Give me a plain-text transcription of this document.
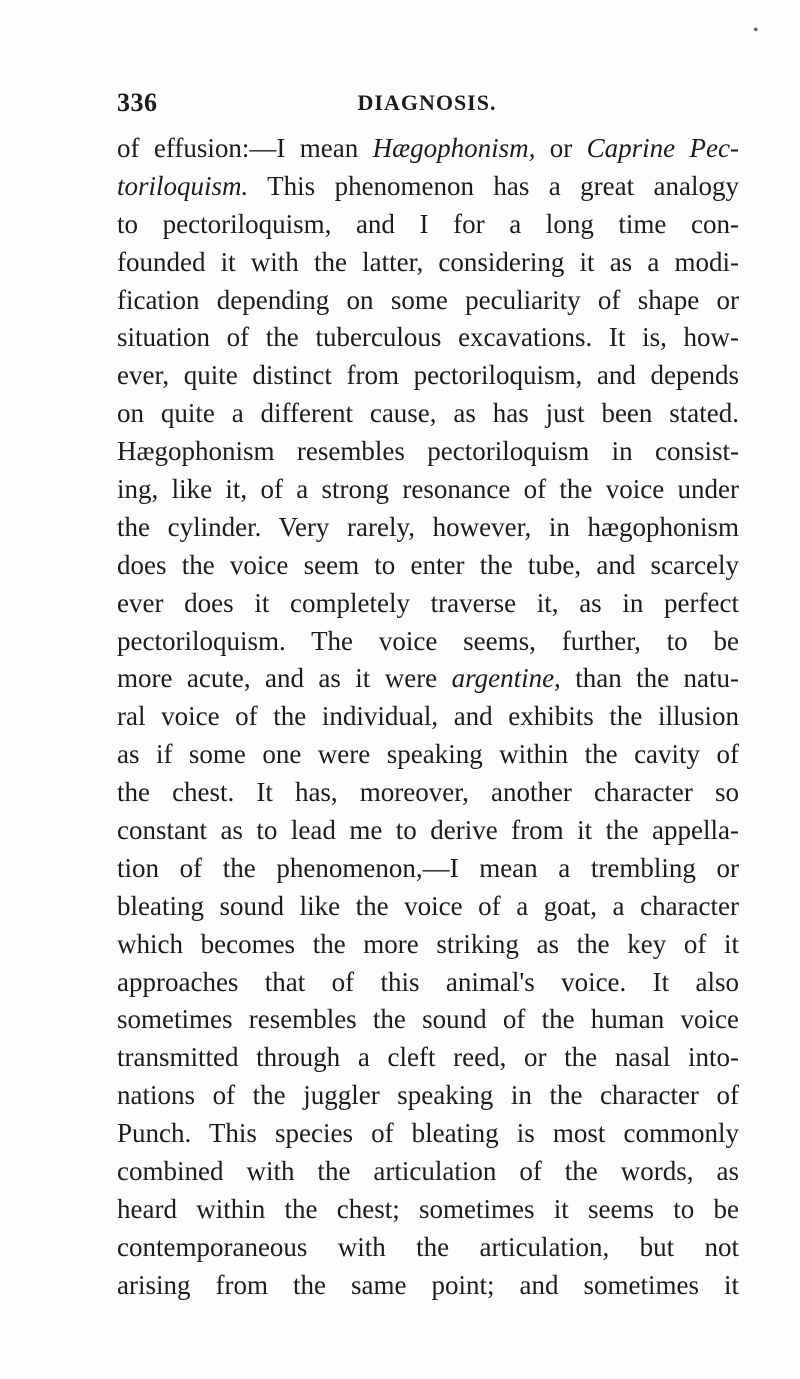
•
336	DIAGNOSIS.
of effusion:—I mean Hægophonism, or Caprine Pec-
toriloquism. This phenomenon has a great analogy
to pectoriloquism, and I for a long time con-
founded it with the latter, considering it as a modi-
fication depending on some peculiarity of shape or
situation of the tuberculous excavations. It is, how-
ever, quite distinct from pectoriloquism, and depends
on quite a different cause, as has just been stated.
Hægophonism resembles pectoriloquism in consist-
ing, like it, of a strong resonance of the voice under
the cylinder. Very rarely, however, in hægophonism
does the voice seem to enter the tube, and scarcely
ever does it completely traverse it, as in perfect
pectoriloquism. The voice seems, further, to be
more acute, and as it were argentine, than the natu-
ral voice of the individual, and exhibits the illusion
as if some one were speaking within the cavity of
the chest. It has, moreover, another character so
constant as to lead me to derive from it the appella-
tion of the phenomenon,—I mean a trembling or
bleating sound like the voice of a goat, a character
which becomes the more striking as the key of it
approaches that of this animal's voice. It also
sometimes resembles the sound of the human voice
transmitted through a cleft reed, or the nasal into-
nations of the juggler speaking in the character of
Punch. This species of bleating is most commonly
combined with the articulation of the words, as
heard within the chest; sometimes it seems to be
contemporaneous with the articulation, but not
arising from the same point; and sometimes it
